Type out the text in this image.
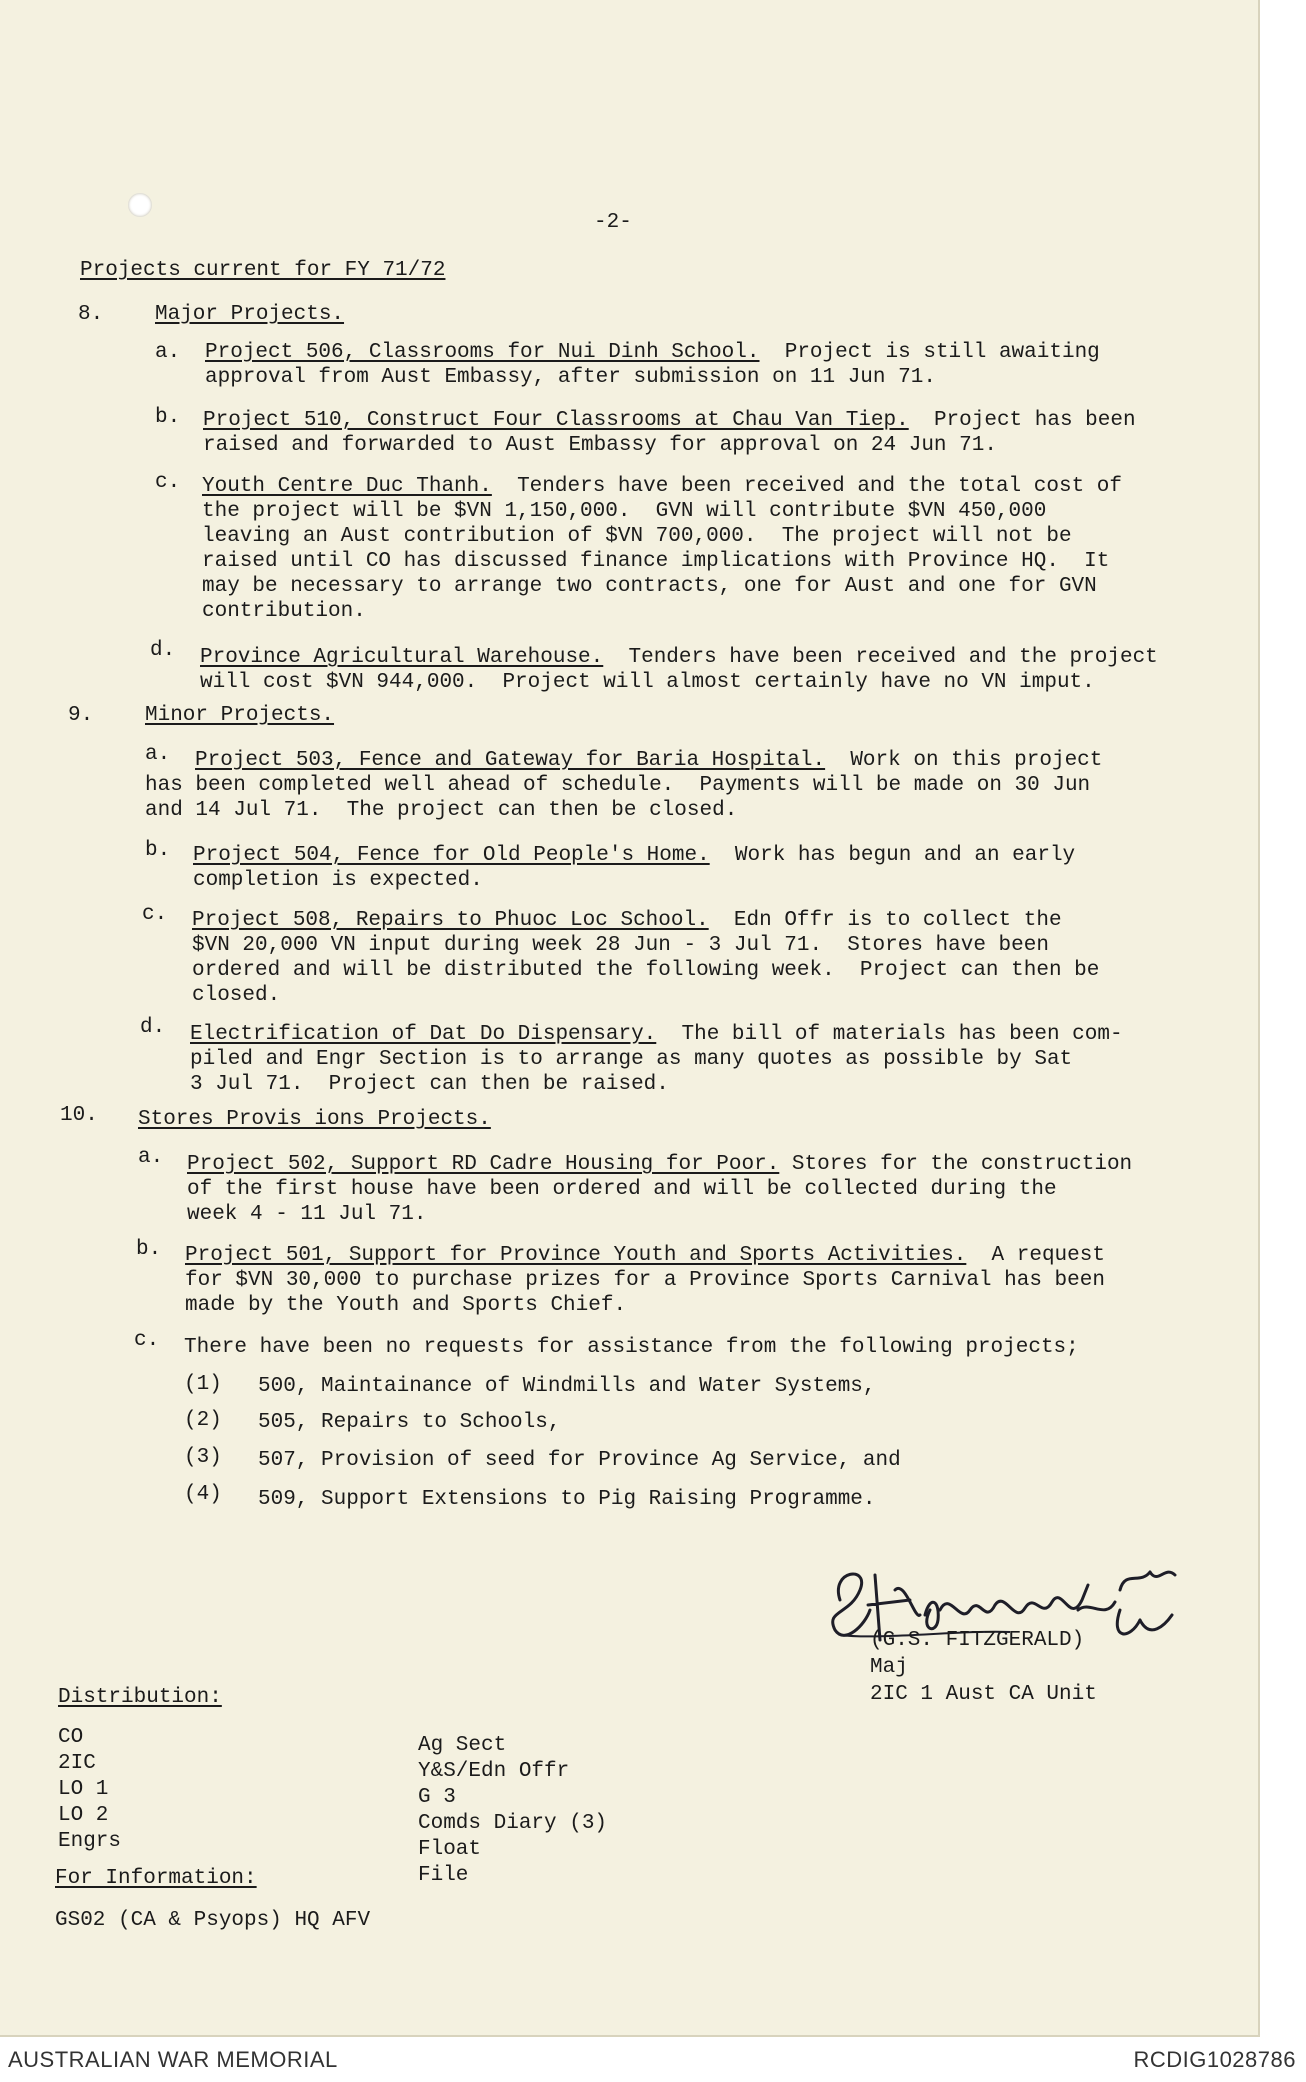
-2-
Projects current for FY 71/72
8. Major Projects.
a. Project 506, Classrooms for Nui Dinh School. Project is still awaiting
approval from Aust Embassy, after submission on 11 Jun 71.
b. Project 510, Construct Four Classrooms at Chau Van Tiep. Project has been
raised and forwarded to Aust Embassy for approval on 24 Jun 71.
c. Youth Centre Duc Thanh. Tenders have been received and the total cost of
the project will be $VN 1,150,000.  GVN will contribute $VN 450,000
leaving an Aust contribution of $VN 700,000.  The project will not be
raised until CO has discussed finance implications with Province HQ.  It
may be necessary to arrange two contracts, one for Aust and one for GVN
contribution.
d. Province Agricultural Warehouse. Tenders have been received and the project
will cost $VN 944,000.  Project will almost certainly have no VN imput.
9. Minor Projects.
a. Project 503, Fence and Gateway for Baria Hospital. Work on this project
has been completed well ahead of schedule.  Payments will be made on 30 Jun
and 14 Jul 71.  The project can then be closed.
b. Project 504, Fence for Old People's Home. Work has begun and an early
completion is expected.
c. Project 508, Repairs to Phuoc Loc School. Edn Offr is to collect the
$VN 20,000 VN input during week 28 Jun - 3 Jul 71.  Stores have been
ordered and will be distributed the following week.  Project can then be
closed.
d. Electrification of Dat Do Dispensary. The bill of materials has been com-
piled and Engr Section is to arrange as many quotes as possible by Sat
3 Jul 71.  Project can then be raised.
10. Stores Provis ions Projects.
a. Project 502, Support RD Cadre Housing for Poor. Stores for the construction
of the first house have been ordered and will be collected during the
week 4 - 11 Jul 71.
b. Project 501, Support for Province Youth and Sports Activities. A request
for $VN 30,000 to purchase prizes for a Province Sports Carnival has been
made by the Youth and Sports Chief.
c. There have been no requests for assistance from the following projects;
(1) 500, Maintainance of Windmills and Water Systems,
(2) 505, Repairs to Schools,
(3) 507, Provision of seed for Province Ag Service, and
(4) 509, Support Extensions to Pig Raising Programme.
(G.S. FITZGERALD)
Maj
2IC 1 Aust CA Unit
Distribution:
CO
2IC
LO 1
LO 2
Engrs
Ag Sect
Y&S/Edn Offr
G 3
Comds Diary (3)
Float
File
For Information:
GS02 (CA & Psyops) HQ AFV
AUSTRALIAN WAR MEMORIAL	RCDIG1028786
